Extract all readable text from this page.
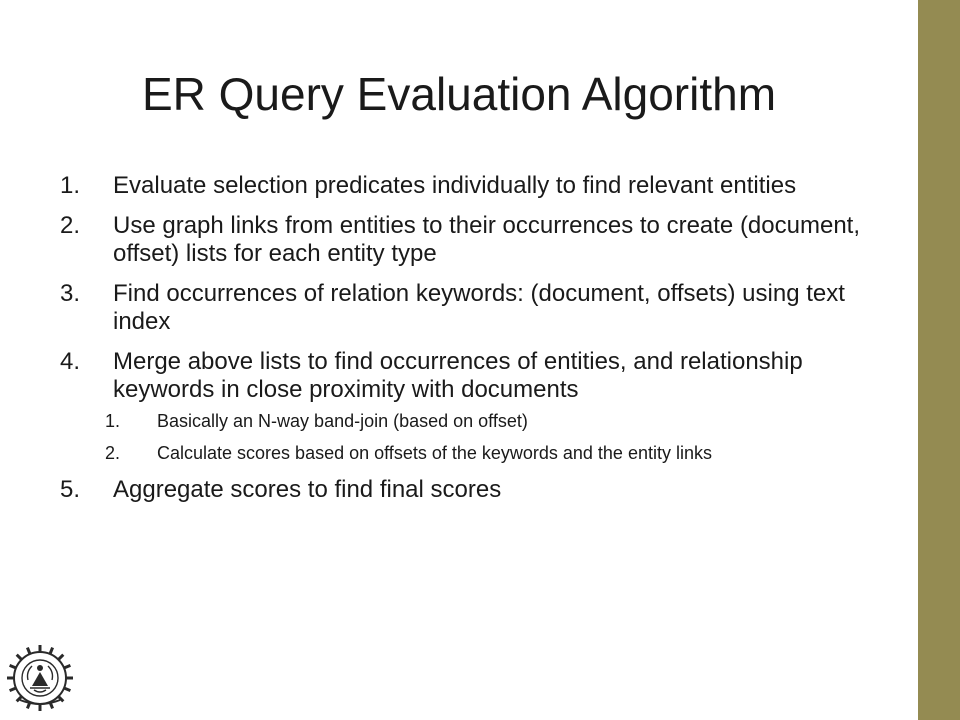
ER Query Evaluation Algorithm
1. Evaluate selection predicates individually to find relevant entities
2. Use graph links from entities to their occurrences to create (document, offset) lists for each entity type
3. Find occurrences of relation keywords: (document, offsets) using text index
4. Merge above lists to find occurrences of entities, and relationship keywords in close proximity with documents
1. Basically an N-way band-join (based on offset)
2. Calculate scores based on offsets of the keywords and the entity links
5. Aggregate scores to find final scores
